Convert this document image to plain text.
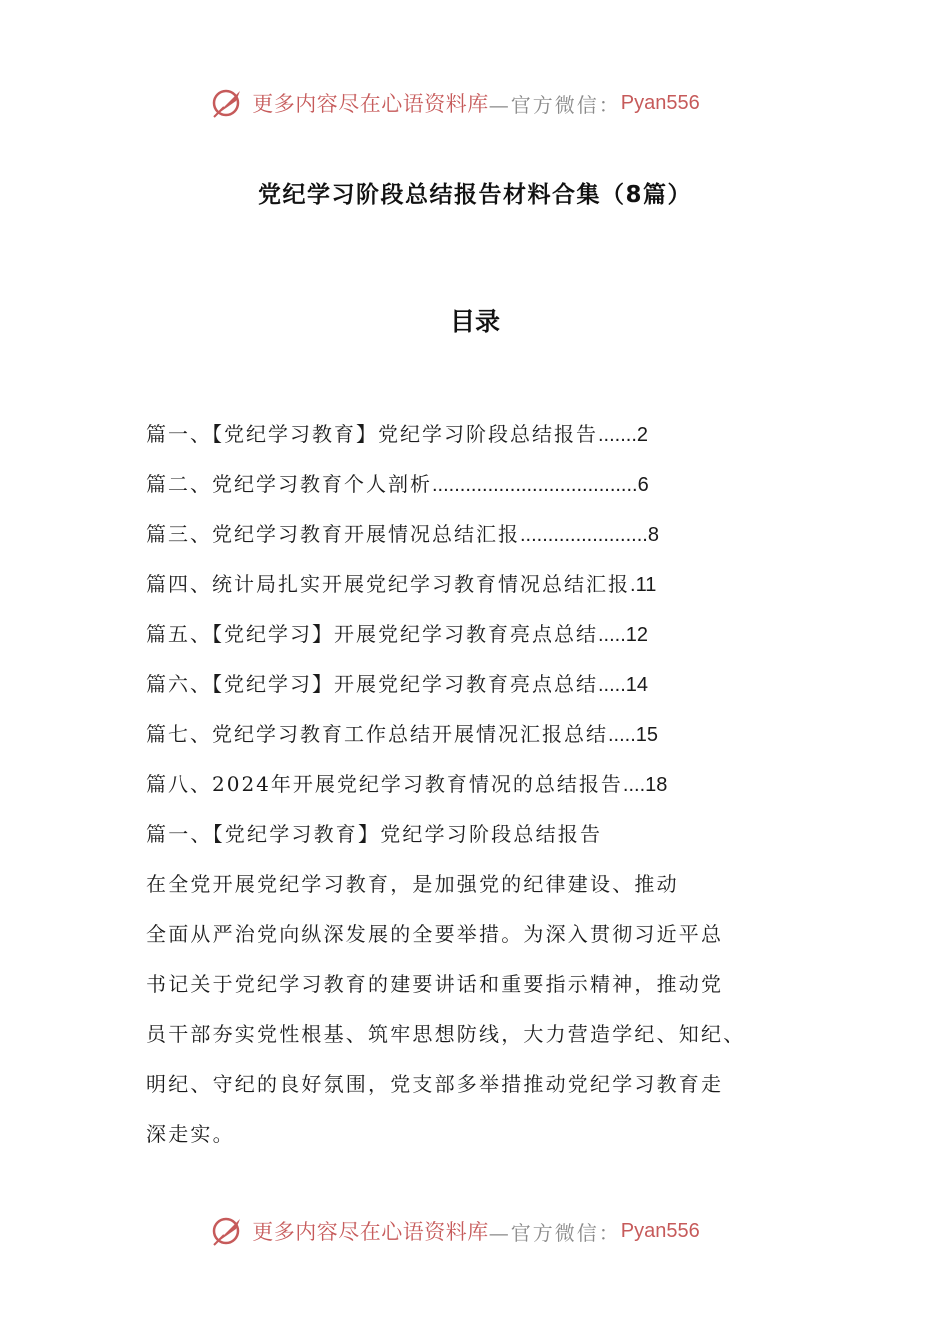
更多内容尽在心语资料库 —官方微信： Pyan556
党纪学习阶段总结报告材料合集（8篇）
目录
篇一、【党纪学习教育】党纪学习阶段总结报告.......2
篇二、党纪学习教育个人剖析.....................................6
篇三、党纪学习教育开展情况总结汇报.......................8
篇四、统计局扎实开展党纪学习教育情况总结汇报.11
篇五、【党纪学习】开展党纪学习教育亮点总结.....12
篇六、【党纪学习】开展党纪学习教育亮点总结.....14
篇七、党纪学习教育工作总结开展情况汇报总结.....15
篇八、2024年开展党纪学习教育情况的总结报告....18
篇一、【党纪学习教育】党纪学习阶段总结报告
在全党开展党纪学习教育，是加强党的纪律建设、推动
全面从严治党向纵深发展的全要举措。为深入贯彻习近平总
书记关于党纪学习教育的建要讲话和重要指示精神，推动党
员干部夯实党性根基、筑牢思想防线，大力营造学纪、知纪、
明纪、守纪的良好氛围，党支部多举措推动党纪学习教育走
深走实。
更多内容尽在心语资料库 —官方微信： Pyan556
